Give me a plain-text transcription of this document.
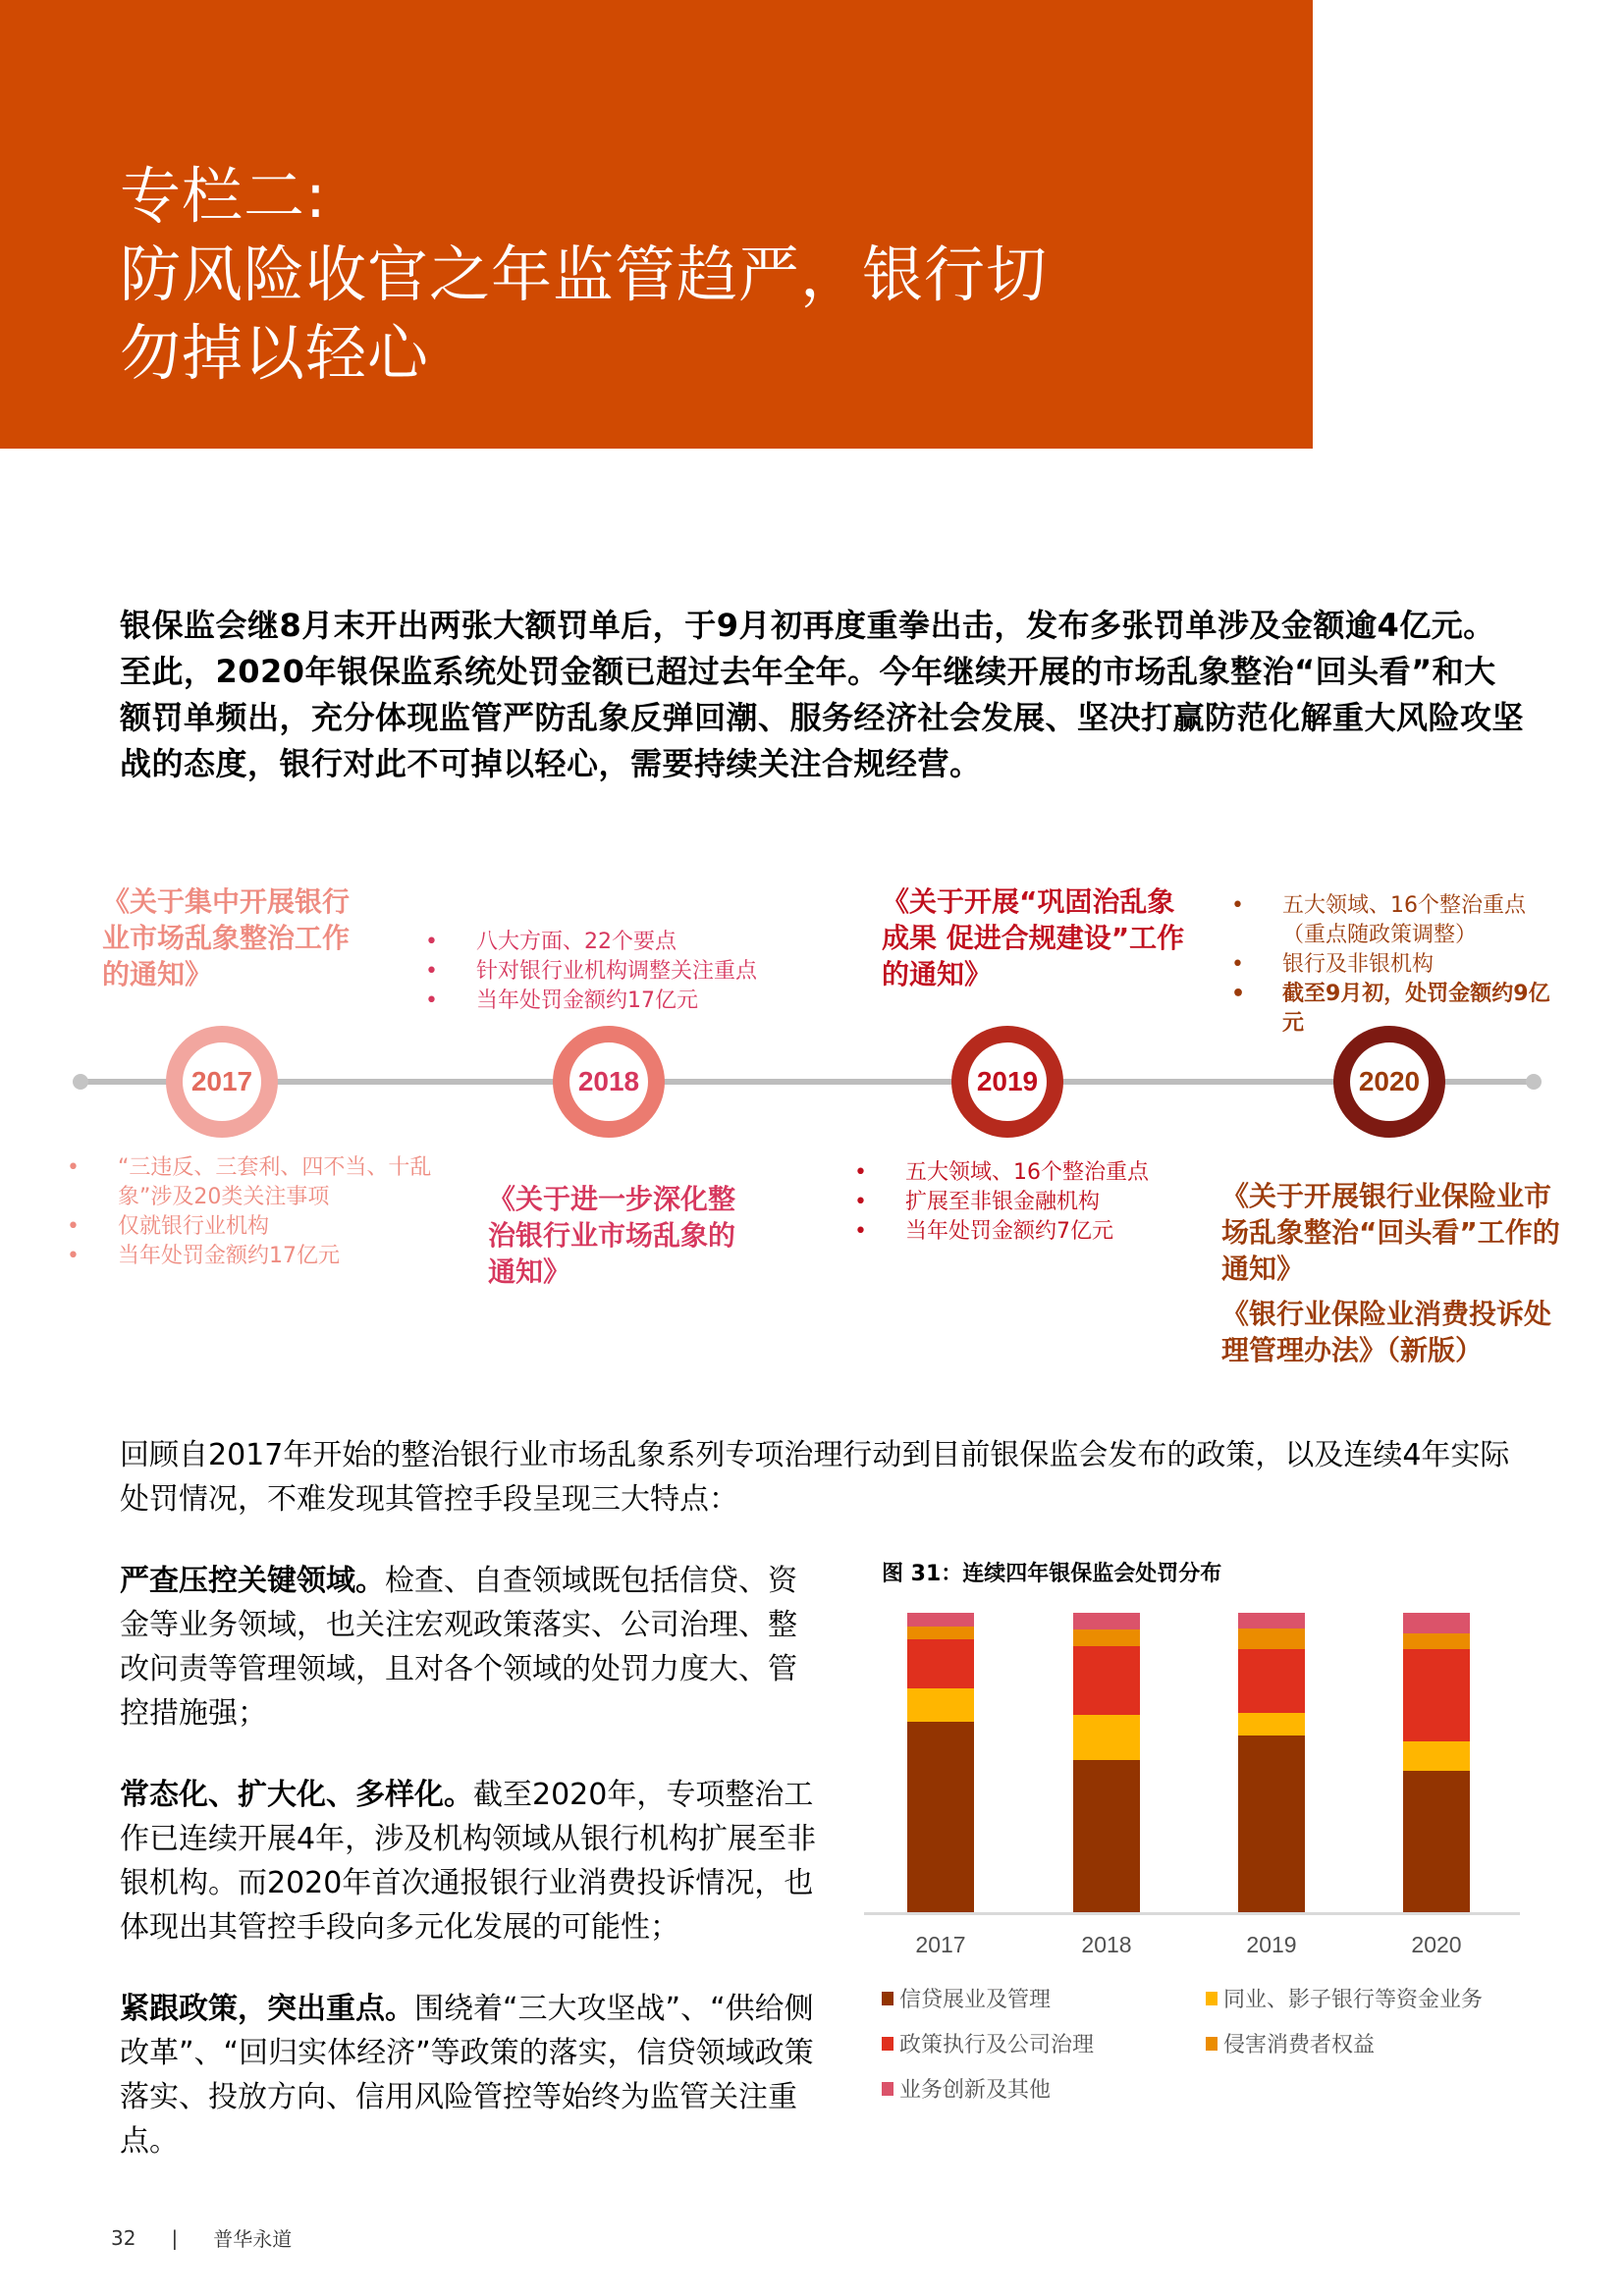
专栏二:
防风险收官之年监管趋严，银行切
勿掉以轻心

银保监会继8月末开出两张大额罚单后，于9月初再度重拳出击，发布多张罚单涉及金额逾4亿元。至此，2020年银保监系统处罚金额已超过去年全年。今年继续开展的市场乱象整治“回头看”和大额罚单频出，充分体现监管严防乱象反弹回潮、服务经济社会发展、坚决打赢防范化解重大风险攻坚战的态度，银行对此不可掉以轻心，需要持续关注合规经营。

2017

《关于集中开展银行业市场乱象整治工作的通知》

• “三违反、三套利、四不当、十乱象”涉及20类关注事项
• 仅就银行业机构
• 当年处罚金额约17亿元
2018
• 八大方面、22个要点
• 针对银行业机构调整关注重点
• 当年处罚金额约17亿元

《关于进一步深化整治银行业市场乱象的通知》

2019

《关于开展“巩固治乱象成果 促进合规建设”工作的通知》

• 五大领域、16个整治重点
• 扩展至非银金融机构
• 当年处罚金额约7亿元
2020
• 五大领域、16个整治重点（重点随政策调整）
• 银行及非银机构
• 截至9月初，处罚金额约9亿元

《关于开展银行业保险业市场乱象整治“回头看”工作的通知》

《银行业保险业消费投诉处理管理办法》（新版）

回顾自2017年开始的整治银行业市场乱象系列专项治理行动到目前银保监会发布的政策，以及连续4年实际处罚情况，不难发现其管控手段呈现三大特点：

严查压控关键领域。检查、自查领域既包括信贷、资金等业务领域，也关注宏观政策落实、公司治理、整改问责等管理领域，且对各个领域的处罚力度大、管控措施强；

常态化、扩大化、多样化。截至2020年，专项整治工作已连续开展4年，涉及机构领域从银行机构扩展至非银机构。而2020年首次通报银行业消费投诉情况，也体现出其管控手段向多元化发展的可能性；

紧跟政策，突出重点。围绕着“三大攻坚战”、“供给侧改革”、“回归实体经济”等政策的落实，信贷领域政策落实、投放方向、信用风险管控等始终为监管关注重点。

图 31：连续四年银保监会处罚分布

2017	2018	2019	2020
信贷展业及管理	同业、影子银行等资金业务
政策执行及公司治理	侵害消费者权益
业务创新及其他
32 | 普华永道
